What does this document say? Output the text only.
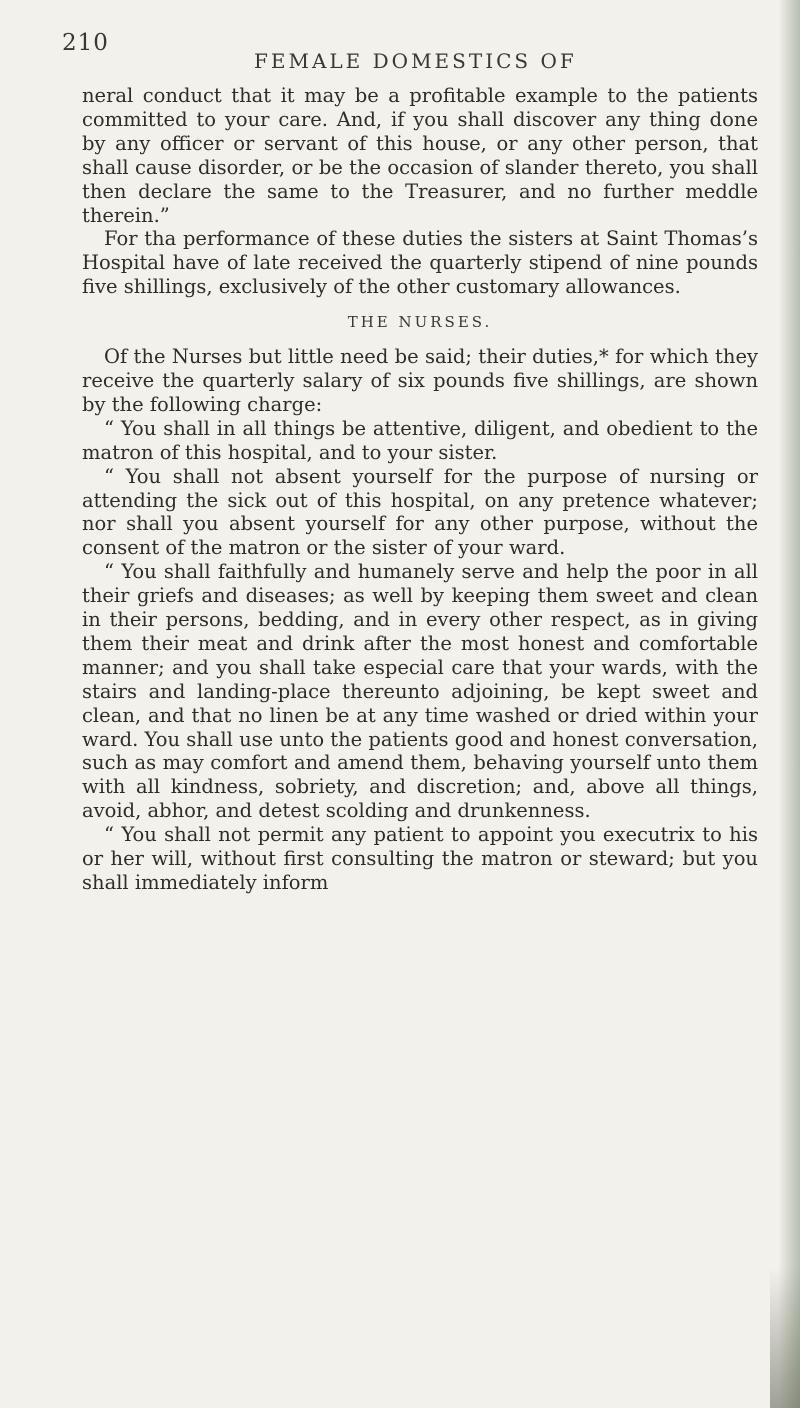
210
FEMALE DOMESTICS OF

neral conduct that it may be a profitable example to the patients committed to your care. And, if you shall discover any thing done by any officer or servant of this house, or any other person, that shall cause disorder, or be the occasion of slander thereto, you shall then declare the same to the Treasurer, and no further meddle therein.”

For tha performance of these duties the sisters at Saint Thomas’s Hospital have of late received the quarterly stipend of nine pounds five shillings, exclusively of the other customary allowances.

THE NURSES.

Of the Nurses but little need be said; their duties,* for which they receive the quarterly salary of six pounds five shillings, are shown by the following charge:

“ You shall in all things be attentive, diligent, and obedient to the matron of this hospital, and to your sister.

“ You shall not absent yourself for the purpose of nursing or attending the sick out of this hospital, on any pretence whatever; nor shall you absent yourself for any other purpose, without the consent of the matron or the sister of your ward.

“ You shall faithfully and humanely serve and help the poor in all their griefs and diseases; as well by keeping them sweet and clean in their persons, bedding, and in every other respect, as in giving them their meat and drink after the most honest and comfortable manner; and you shall take especial care that your wards, with the stairs and landing-place thereunto adjoining, be kept sweet and clean, and that no linen be at any time washed or dried within your ward. You shall use unto the patients good and honest conversation, such as may comfort and amend them, behaving yourself unto them with all kindness, sobriety, and discretion; and, above all things, avoid, abhor, and detest scolding and drunkenness.

“ You shall not permit any patient to appoint you executrix to his or her will, without first consulting the matron or steward; but you shall immediately inform
